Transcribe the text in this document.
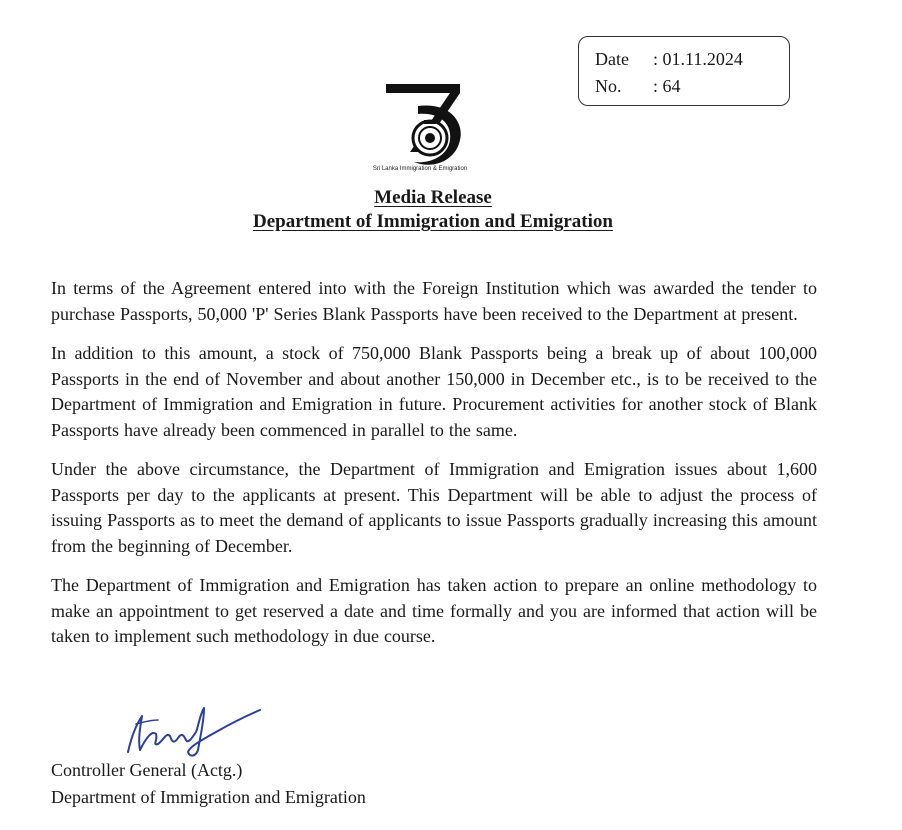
Date	: 01.11.2024
No.	: 64
Sri Lanka Immigration & Emigration
Media Release
Department of Immigration and Emigration

In terms of the Agreement entered into with the Foreign Institution which was awarded the tender to purchase Passports, 50,000 'P' Series Blank Passports have been received to the Department at present.

In addition to this amount, a stock of 750,000 Blank Passports being a break up of about 100,000 Passports in the end of November and about another 150,000 in December etc., is to be received to the Department of Immigration and Emigration in future. Procurement activities for another stock of Blank Passports have already been commenced in parallel to the same.

Under the above circumstance, the Department of Immigration and Emigration issues about 1,600 Passports per day to the applicants at present. This Department will be able to adjust the process of issuing Passports as to meet the demand of applicants to issue Passports gradually increasing this amount from the beginning of December.

The Department of Immigration and Emigration has taken action to prepare an online methodology to make an appointment to get reserved a date and time formally and you are informed that action will be taken to implement such methodology in due course.

Controller General (Actg.)
Department of Immigration and Emigration
